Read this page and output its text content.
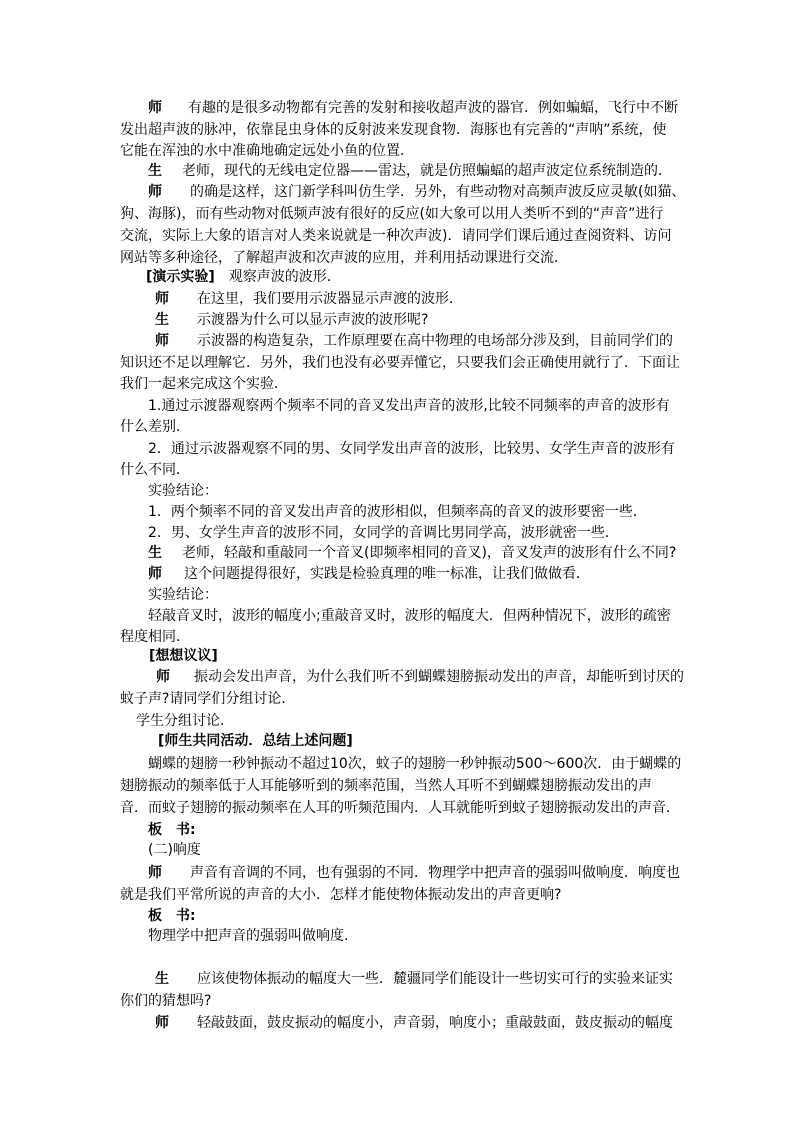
师　有趣的是很多动物都有完善的发射和接收超声波的器官．例如蝙蝠，飞行中不断
发出超声波的脉冲，依靠昆虫身体的反射波来发现食物．海豚也有完善的“声呐”系统，使
它能在浑浊的水中准确地确定远处小鱼的位置．
生　老师，现代的无线电定位器——雷达，就是仿照蝙蝠的超声波定位系统制造的．
师　的确是这样，这门新学科叫仿生学．另外，有些动物对高频声波反应灵敏(如猫、
狗、海豚)，而有些动物对低频声波有很好的反应(如大象可以用人类听不到的“声音”进行
交流，实际上大象的语言对人类来说就是一种次声波)．请同学们课后通过查阅资料、访问
网站等多种途径，了解超声波和次声波的应用，并利用括动课进行交流．
[演示实验]　观察声波的波形．
师　在这里，我们要用示波器显示声渡的波形．
生　示渡器为什么可以显示声波的波形呢?
师　示波器的构造复杂，工作原理要在高中物理的电场部分涉及到，目前同学们的
知识还不足以理解它．另外，我们也没有必要弄懂它，只要我们会正确使用就行了．下面让
我们一起来完成这个实验．
1.通过示渡器观察两个频率不同的音叉发出声音的波形,比较不同频率的声音的波形有
什么差别．
2．通过示波器观察不同的男、女同学发出声音的波形，比较男、女学生声音的波形有
什么不同．
实验结论：
1．两个频率不同的音叉发出声音的波形相似，但频率高的音叉的波形要密一些．
2．男、女学生声音的波形不同，女同学的音调比男同学高，波形就密一些．
生　老师，轻敲和重敲同一个音叉(即频率相同的音叉)，音叉发声的波形有什么不同?
师　这个问题提得很好，实践是检验真理的唯一标准，让我们做做看．
实验结论：
轻敲音叉时，波形的幅度小;重敲音叉时，波形的幅度大．但两种情况下，波形的疏密
程度相同．
[想想议议]
师　振动会发出声音，为什么我们听不到蝴蝶翅膀振动发出的声音，却能听到讨厌的
蚊子声?请同学们分组讨论．
学生分组讨论．
[师生共同活动．总结上述问题]
蝴蝶的翅膀一秒钟振动不超过10次，蚊子的翅膀一秒钟振动500～600次．由于蝴蝶的
翅膀振动的频率低于人耳能够听到的频率范围，当然人耳听不到蝴蝶翅膀振动发出的声
音．而蚊子翅膀的振动频率在人耳的听频范围内．人耳就能听到蚊子翅膀振动发出的声音．
板　书:
(二)响度
师　声音有音调的不同，也有强弱的不同．物理学中把声音的强弱叫做响度．响度也
就是我们平常所说的声音的大小．怎样才能使物体振动发出的声音更响?
板　书:
物理学中把声音的强弱叫做响度.
生　应该使物体振动的幅度大一些．麓疆同学们能设计一些切实可行的实验来证实
你们的猜想吗?
师　轻敲鼓面，鼓皮振动的幅度小，声音弱，响度小；重敲鼓面，鼓皮振动的幅度
